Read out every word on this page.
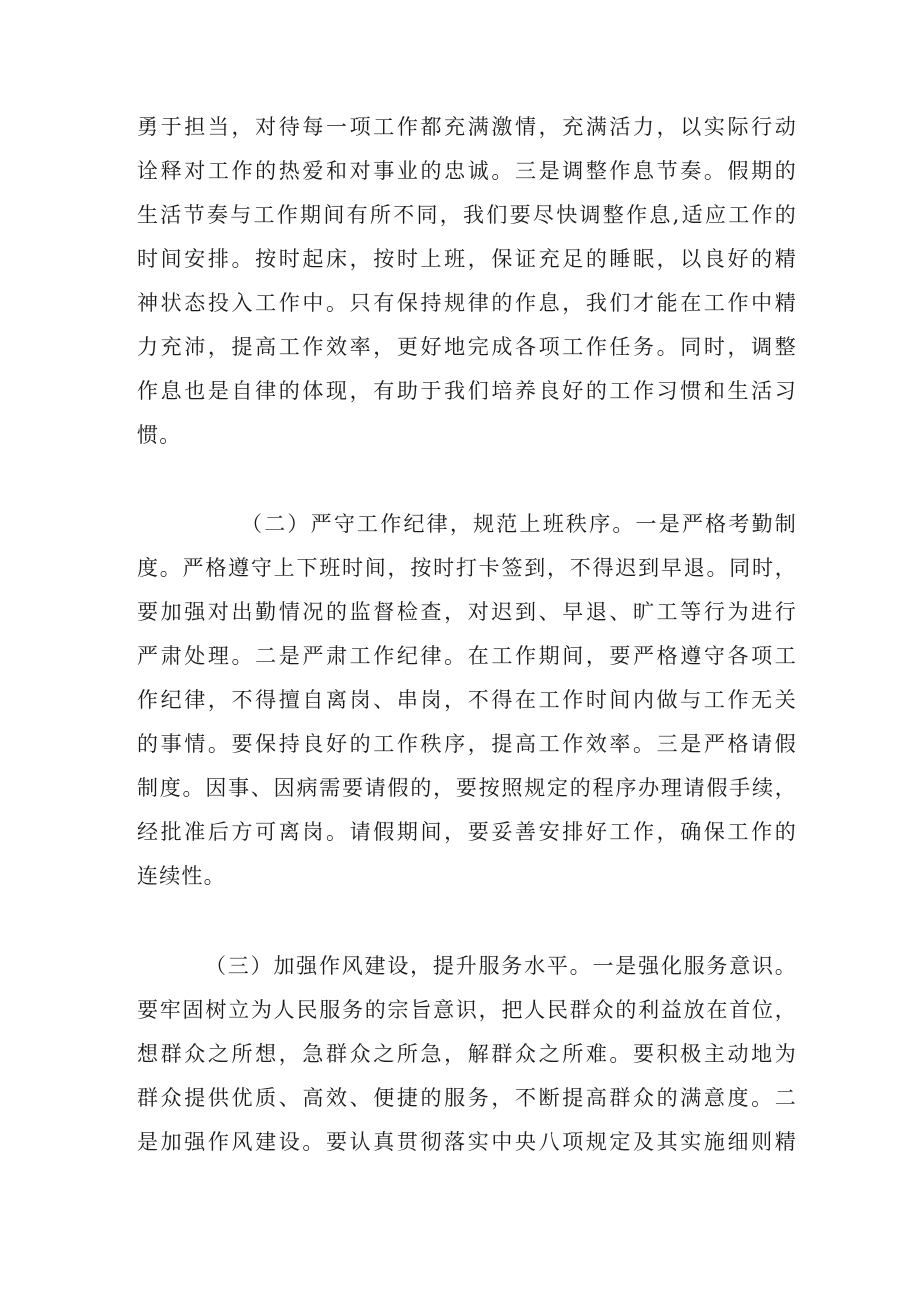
勇于担当，对待每一项工作都充满激情，充满活力，以实际行动
诠释对工作的热爱和对事业的忠诚。三是调整作息节奏。假期的
生活节奏与工作期间有所不同，我们要尽快调整作息,适应工作的
时间安排。按时起床，按时上班，保证充足的睡眠，以良好的精
神状态投入工作中。只有保持规律的作息，我们才能在工作中精
力充沛，提高工作效率，更好地完成各项工作任务。同时，调整
作息也是自律的体现，有助于我们培养良好的工作习惯和生活习
惯。
（二）严守工作纪律，规范上班秩序。一是严格考勤制
度。严格遵守上下班时间，按时打卡签到，不得迟到早退。同时，
要加强对出勤情况的监督检查，对迟到、早退、旷工等行为进行
严肃处理。二是严肃工作纪律。在工作期间，要严格遵守各项工
作纪律，不得擅自离岗、串岗，不得在工作时间内做与工作无关
的事情。要保持良好的工作秩序，提高工作效率。三是严格请假
制度。因事、因病需要请假的，要按照规定的程序办理请假手续，
经批准后方可离岗。请假期间，要妥善安排好工作，确保工作的
连续性。
（三）加强作风建设，提升服务水平。一是强化服务意识。
要牢固树立为人民服务的宗旨意识，把人民群众的利益放在首位，
想群众之所想，急群众之所急，解群众之所难。要积极主动地为
群众提供优质、高效、便捷的服务，不断提高群众的满意度。二
是加强作风建设。要认真贯彻落实中央八项规定及其实施细则精
